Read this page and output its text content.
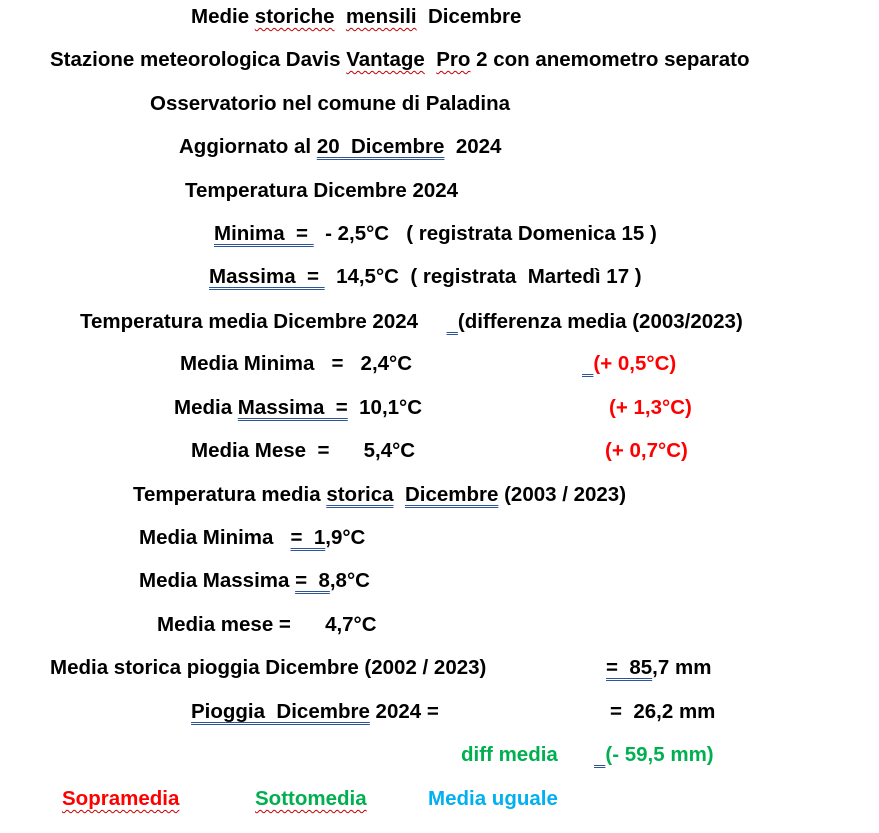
Medie storiche mensili  Dicembre
Stazione meteorologica Davis Vantage Pro 2 con anemometro separato
Osservatorio nel comune di Paladina
Aggiornato al 20  Dicembre  2024
Temperatura Dicembre 2024
Minima  =   - 2,5°C   ( registrata Domenica 15 )
Massima  =   14,5°C  ( registrata  Martedì 17 )
Temperatura media Dicembre 2024       (differenza media (2003/2023)
Media Minima   =   2,4°C	(+ 0,5°C)
Media Massima  =  10,1°C	(+ 1,3°C)
Media Mese  =      5,4°C	(+ 0,7°C)
Temperatura media storica Dicembre (2003 / 2023)
Media Minima   =  1,9°C
Media Massima =  8,8°C
Media mese =      4,7°C
Media storica pioggia Dicembre (2002 / 2023)	=  85,7 mm
Pioggia  Dicembre 2024 =	=  26,2 mm
diff media	(- 59,5 mm)
Sopramedia	Sottomedia	Media uguale
